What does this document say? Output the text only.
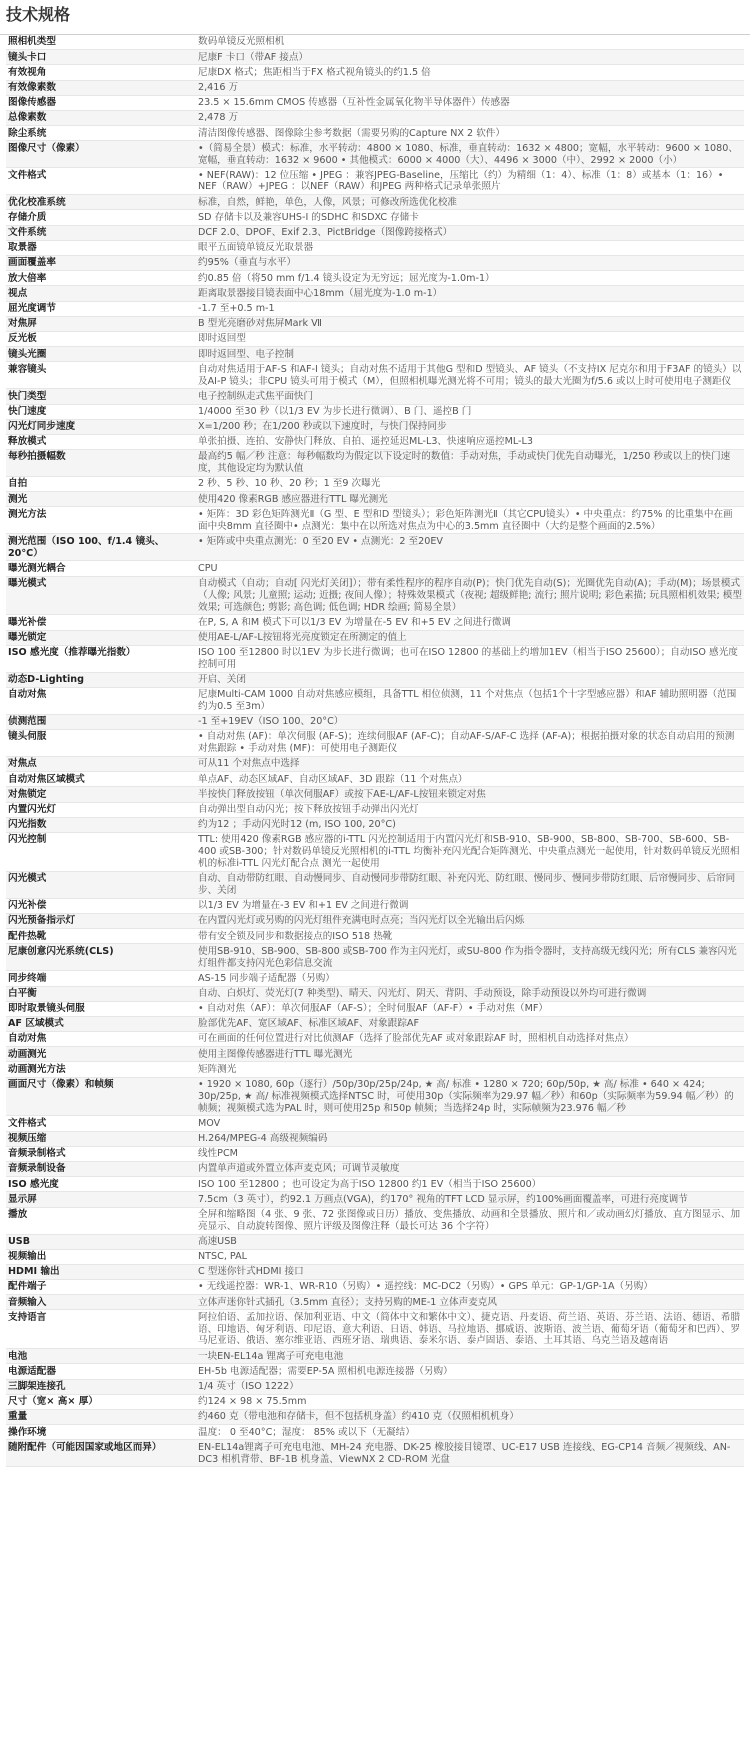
技术规格
照相机类型	数码单镜反光照相机
镜头卡口	尼康F 卡口（带AF 接点）
有效视角	尼康DX 格式；焦距相当于FX 格式视角镜头的约1.5 倍
有效像素数	2,416 万
图像传感器	23.5 × 15.6mm CMOS 传感器（互补性金属氧化物半导体器件）传感器
总像素数	2,478 万
除尘系统	清洁图像传感器、图像除尘参考数据（需要另购的Capture NX 2 软件）
图像尺寸（像素）	•（简易全景）模式：标准，水平转动：4800 × 1080、标准，垂直转动：1632 × 4800；宽幅，水平转动：9600 × 1080、宽幅，垂直转动：1632 × 9600 • 其他模式：6000 × 4000（大）、4496 × 3000（中）、2992 × 2000（小）
文件格式	• NEF(RAW)：12 位压缩 • JPEG ：兼容JPEG-Baseline，压缩比（约）为精细（1：4）、标准（1：8）或基本（1：16）• NEF（RAW）+JPEG ：以NEF（RAW）和JPEG 两种格式记录单张照片
优化校准系统	标准，自然，鲜艳，单色，人像，风景；可修改所选优化校准
存储介质	SD 存储卡以及兼容UHS-I 的SDHC 和SDXC 存储卡
文件系统	DCF 2.0、DPOF、Exif 2.3、PictBridge（图像跨接格式）
取景器	眼平五面镜单镜反光取景器
画面覆盖率	约95%（垂直与水平）
放大倍率	约0.85 倍（将50 mm f/1.4 镜头设定为无穷远；屈光度为-1.0m-1）
视点	距离取景器接目镜表面中心18mm（屈光度为-1.0 m-1）
屈光度调节	-1.7 至+0.5 m-1
对焦屏	B 型光亮磨砂对焦屏Mark Ⅶ
反光板	即时返回型
镜头光圈	即时返回型、电子控制
兼容镜头	自动对焦适用于AF-S 和AF-I 镜头；自动对焦不适用于其他G 型和D 型镜头、AF 镜头（不支持IX 尼克尔和用于F3AF 的镜头）以及AI-P 镜头；非CPU 镜头可用于模式（M），但照相机曝光测光将不可用；镜头的最大光圈为f/5.6 或以上时可使用电子测距仪
快门类型	电子控制纵走式焦平面快门
快门速度	1/4000 至30 秒（以1/3 EV 为步长进行微调）、B 门、遥控B 门
闪光灯同步速度	X=1/200 秒；在1/200 秒或以下速度时，与快门保持同步
释放模式	单张拍摄、连拍、安静快门释放、自拍、遥控延迟ML-L3、快速响应遥控ML-L3
每秒拍摄幅数	最高约5 幅／秒 注意：每秒幅数均为假定以下设定时的数值：手动对焦，手动或快门优先自动曝光，1/250 秒或以上的快门速度，其他设定均为默认值
自拍	2 秒、5 秒、10 秒、20 秒；1 至9 次曝光
测光	使用420 像素RGB 感应器进行TTL 曝光测光
测光方法	• 矩阵：3D 彩色矩阵测光Ⅱ（G 型、E 型和D 型镜头）；彩色矩阵测光Ⅱ（其它CPU镜头）• 中央重点：约75% 的比重集中在画面中央8mm 直径圈中• 点测光：集中在以所选对焦点为中心的3.5mm 直径圈中（大约是整个画面的2.5%）
测光范围（ISO 100、f/1.4 镜头、20°C）	• 矩阵或中央重点测光：0 至20 EV • 点测光：2 至20EV
曝光测光耦合	CPU
曝光模式	自动模式（自动；自动[ 闪光灯关闭]）；带有柔性程序的程序自动(P)；快门优先自动(S)；光圈优先自动(A)；手动(M)；场景模式（人像; 风景; 儿童照; 运动; 近摄; 夜间人像）；特殊效果模式（夜视; 超级鲜艳; 流行; 照片说明; 彩色素描; 玩具照相机效果; 模型效果; 可选颜色; 剪影; 高色调; 低色调; HDR 绘画; 简易全景）
曝光补偿	在P, S, A 和M 模式下可以1/3 EV 为增量在-5 EV 和+5 EV 之间进行微调
曝光锁定	使用AE-L/AF-L按钮将光亮度锁定在所测定的值上
ISO 感光度（推荐曝光指数）	ISO 100 至12800 时以1EV 为步长进行微调；也可在ISO 12800 的基础上约增加1EV（相当于ISO 25600）；自动ISO 感光度控制可用
动态D-Lighting	开启、关闭
自动对焦	尼康Multi-CAM 1000 自动对焦感应模组，具备TTL 相位侦测，11 个对焦点（包括1个十字型感应器）和AF 辅助照明器（范围约为0.5 至3m）
侦测范围	-1 至+19EV（ISO 100、20°C）
镜头伺服	• 自动对焦 (AF)：单次伺服 (AF-S)；连续伺服AF (AF-C)；自动AF-S/AF-C 选择 (AF-A)；根据拍摄对象的状态自动启用的预测对焦跟踪 • 手动对焦 (MF)：可使用电子测距仪
对焦点	可从11 个对焦点中选择
自动对焦区域模式	单点AF、动态区域AF、自动区域AF、3D 跟踪（11 个对焦点）
对焦锁定	半按快门释放按钮（单次伺服AF）或按下AE-L/AF-L按钮来锁定对焦
内置闪光灯	自动弹出型自动闪光；按下释放按钮手动弹出闪光灯
闪光指数	约为12 ；手动闪光时12 (m, ISO 100, 20°C)
闪光控制	TTL: 使用420 像素RGB 感应器的i-TTL 闪光控制适用于内置闪光灯和SB-910、SB-900、SB-800、SB-700、SB-600、SB-400 或SB-300；针对数码单镜反光照相机的i-TTL 均衡补充闪光配合矩阵测光、中央重点测光一起使用，针对数码单镜反光照相机的标准i-TTL 闪光灯配合点 测光一起使用
闪光模式	自动、自动带防红眼、自动慢同步、自动慢同步带防红眼、补充闪光、防红眼、慢同步、慢同步带防红眼、后帘慢同步、后帘同步、关闭
闪光补偿	以1/3 EV 为增量在-3 EV 和+1 EV 之间进行微调
闪光预备指示灯	在内置闪光灯或另购的闪光灯组件充满电时点亮；当闪光灯以全光输出后闪烁
配件热靴	带有安全锁及同步和数据接点的ISO 518 热靴
尼康创意闪光系统(CLS)	使用SB-910、SB-900、SB-800 或SB-700 作为主闪光灯，或SU-800 作为指令器时，支持高级无线闪光；所有CLS 兼容闪光灯组件都支持闪光色彩信息交流
同步终端	AS-15 同步端子适配器（另购）
白平衡	自动、白炽灯、荧光灯(7 种类型)、晴天、闪光灯、阴天、背阴、手动预设，除手动预设以外均可进行微调
即时取景镜头伺服	• 自动对焦（AF）：单次伺服AF（AF-S）；全时伺服AF（AF-F）• 手动对焦（MF）
AF 区域模式	脸部优先AF、宽区域AF、标准区域AF、对象跟踪AF
自动对焦	可在画面的任何位置进行对比侦测AF（选择了脸部优先AF 或对象跟踪AF 时，照相机自动选择对焦点）
动画测光	使用主图像传感器进行TTL 曝光测光
动画测光方法	矩阵测光
画面尺寸（像素）和帧频	• 1920 × 1080, 60p（逐行）/50p/30p/25p/24p, ★ 高/ 标准 • 1280 × 720; 60p/50p, ★ 高/ 标准 • 640 × 424; 30p/25p, ★ 高/ 标准视频模式选择NTSC 时，可使用30p（实际频率为29.97 幅／秒）和60p（实际频率为59.94 幅／秒）的帧频；视频模式选为PAL 时，则可使用25p 和50p 帧频；当选择24p 时，实际帧频为23.976 幅／秒
文件格式	MOV
视频压缩	H.264/MPEG-4 高级视频编码
音频录制格式	线性PCM
音频录制设备	内置单声道或外置立体声麦克风；可调节灵敏度
ISO 感光度	ISO 100 至12800 ；也可设定为高于ISO 12800 约1 EV（相当于ISO 25600）
显示屏	7.5cm（3 英寸），约92.1 万画点(VGA)，约170° 视角的TFT LCD 显示屏，约100%画面覆盖率，可进行亮度调节
播放	全屏和缩略图（4 张、9 张、72 张图像或日历）播放、变焦播放、动画和全景播放、照片和／或动画幻灯播放、直方图显示、加亮显示、自动旋转图像、照片评级及图像注释（最长可达 36 个字符）
USB	高速USB
视频输出	NTSC, PAL
HDMI 输出	C 型迷你针式HDMI 接口
配件端子	• 无线遥控器：WR-1、WR-R10（另购）• 遥控线：MC-DC2（另购）• GPS 单元：GP-1/GP-1A（另购）
音频输入	立体声迷你针式插孔（3.5mm 直径）；支持另购的ME-1 立体声麦克风
支持语言	阿拉伯语、孟加拉语、保加利亚语、中文（简体中文和繁体中文）、捷克语、丹麦语、荷兰语、英语、芬兰语、法语、德语、希腊语、印地语、匈牙利语、印尼语、意大利语、日语、韩语、马拉地语、挪威语、波斯语、波兰语、葡萄牙语（葡萄牙和巴西）、罗马尼亚语、俄语、塞尔维亚语、西班牙语、瑞典语、泰米尔语、泰卢固语、泰语、土耳其语、乌克兰语及越南语
电池	一块EN-EL14a 锂离子可充电电池
电源适配器	EH-5b 电源适配器；需要EP-5A 照相机电源连接器（另购）
三脚架连接孔	1/4 英寸（ISO 1222）
尺寸（宽× 高× 厚）	约124 × 98 × 75.5mm
重量	约460 克（带电池和存储卡，但不包括机身盖）约410 克（仅照相机机身）
操作环境	温度： 0 至40°C；湿度： 85% 或以下（无凝结）
随附配件（可能因国家或地区而异）	EN-EL14a锂离子可充电电池、MH-24 充电器、DK-25 橡胶接目镜罩、UC-E17 USB 连接线、EG-CP14 音频／视频线、AN-DC3 相机背带、BF-1B 机身盖、ViewNX 2 CD-ROM 光盘
